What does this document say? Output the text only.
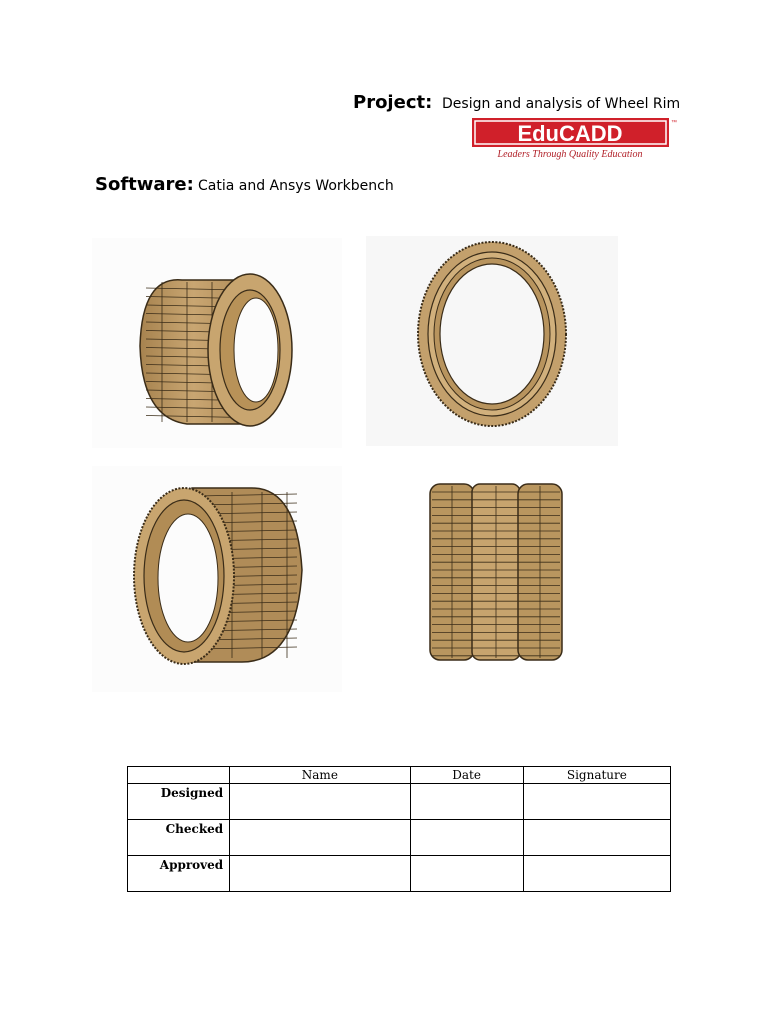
Project: Design and analysis of Wheel Rim
EduCADD	™
Leaders Through Quality Education
Software: Catia and Ansys Workbench
	Name	Date	Signature
Designed			
Checked			
Approved			
